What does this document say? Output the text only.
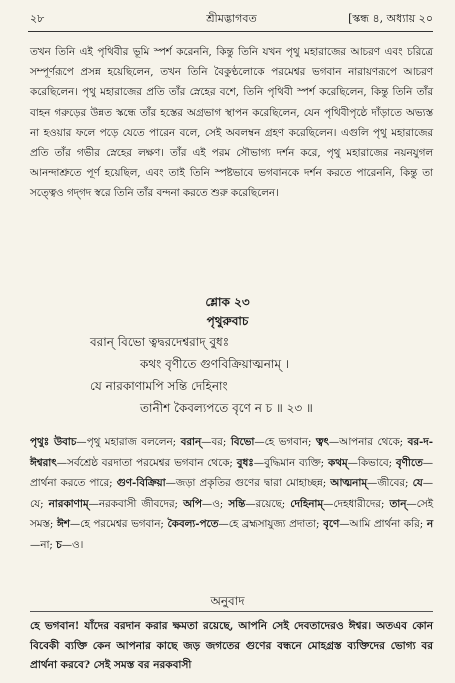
২৮	শ্রীমদ্ভাগবত	[স্কন্ধ ৪, অধ্যায় ২০

তখন তিনি এই পৃথিবীর ভূমি স্পর্শ করেননি, কিন্তু তিনি যখন পৃথু মহারাজের আচরণ এবং চরিত্রে সম্পূর্ণরূপে প্রসন্ন হয়েছিলেন, তখন তিনি বৈকুণ্ঠলোকে পরমেশ্বর ভগবান নারায়ণরূপে আচরণ করেছিলেন। পৃথু মহারাজের প্রতি তাঁর স্নেহের বশে, তিনি পৃথিবী স্পর্শ করেছিলেন, কিন্তু তিনি তাঁর বাহন গরুড়ের উন্নত স্কন্ধে তাঁর হস্তের অগ্রভাগ স্থাপন করেছিলেন, যেন পৃথিবীপৃষ্ঠে দাঁড়াতে অভ্যস্ত না হওয়ার ফলে পড়ে যেতে পারেন বলে, সেই অবলম্বন গ্রহণ করেছিলেন। এগুলি পৃথু মহারাজের প্রতি তাঁর গভীর স্নেহের লক্ষণ। তাঁর এই পরম সৌভাগ্য দর্শন করে, পৃথু মহারাজের নয়নযুগল আনন্দাশ্রুতে পূর্ণ হয়েছিল, এবং তাই তিনি স্পষ্টভাবে ভগবানকে দর্শন করতে পারেননি, কিন্তু তা সত্ত্বেও গদ্‌গদ স্বরে তিনি তাঁর বন্দনা করতে শুরু করেছিলেন।

শ্লোক ২৩
পৃথুরুবাচ
বরান্ বিভো ত্বদ্বরদেশ্বরাদ্ বুধঃ
কথং বৃণীতে গুণবিক্রিয়াত্মনাম্ ।
যে নারকাণামপি সন্তি দেহিনাং
তানীশ কৈবল্যপতে বৃণে ন চ ॥ ২৩ ॥

পৃথুঃ উবাচ—পৃথু মহারাজ বললেন; বরান্—বর; বিভো—হে ভগবান; ত্বৎ—আপনার থেকে; বর-দ-ঈশ্বরাৎ—সর্বশ্রেষ্ঠ বরদাতা পরমেশ্বর ভগবান থেকে; বুধঃ—বুদ্ধিমান ব্যক্তি; কথম্—কিভাবে; বৃণীতে—প্রার্থনা করতে পারে; গুণ-বিক্রিয়া—জড়া প্রকৃতির গুণের দ্বারা মোহাচ্ছন্ন; আত্মনাম্—জীবের; যে—যে; নারকাণাম্—নরকবাসী জীবদের; অপি—ও; সন্তি—রয়েছে; দেহিনাম্—দেহধারীদের; তান্—সেই সমস্ত; ঈশ—হে পরমেশ্বর ভগবান; কৈবল্য-পতে—হে ব্রহ্মসাযুজ্য প্রদাতা; বৃণে—আমি প্রার্থনা করি; ন—না; চ—ও।

অনুবাদ

হে ভগবান! যাঁদের বরদান করার ক্ষমতা রয়েছে, আপনি সেই দেবতাদেরও ঈশ্বর। অতএব কোন বিবেকী ব্যক্তি কেন আপনার কাছে জড় জগতের গুণের বন্ধনে মোহগ্রস্ত ব্যক্তিদের ভোগ্য বর প্রার্থনা করবে? সেই সমস্ত বর নরকবাসী
